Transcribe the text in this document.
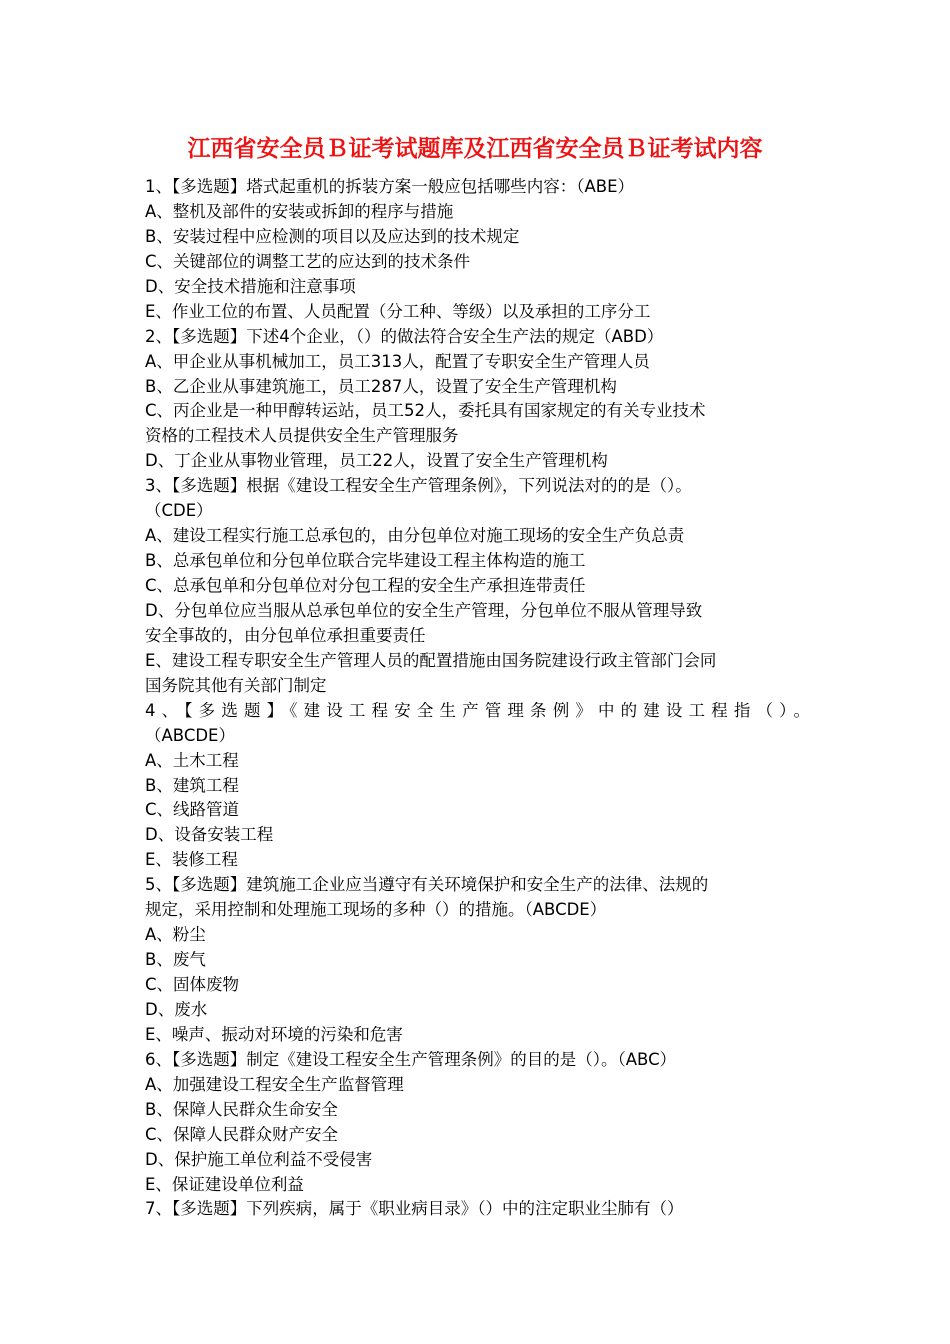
江西省安全员Ｂ证考试题库及江西省安全员Ｂ证考试内容
1、【多选题】塔式起重机的拆装方案一般应包括哪些内容：（ABE）
A、整机及部件的安装或拆卸的程序与措施
B、安装过程中应检测的项目以及应达到的技术规定
C、关键部位的调整工艺的应达到的技术条件
D、安全技术措施和注意事项
E、作业工位的布置、人员配置（分工种、等级）以及承担的工序分工
2、【多选题】下述4个企业，（）的做法符合安全生产法的规定（ABD）
A、甲企业从事机械加工，员工313人，配置了专职安全生产管理人员
B、乙企业从事建筑施工，员工287人，设置了安全生产管理机构
C、丙企业是一种甲醇转运站，员工52人，委托具有国家规定的有关专业技术
资格的工程技术人员提供安全生产管理服务
D、丁企业从事物业管理，员工22人，设置了安全生产管理机构
3、【多选题】根据《建设工程安全生产管理条例》，下列说法对的的是（）。
（CDE）
A、建设工程实行施工总承包的，由分包单位对施工现场的安全生产负总责
B、总承包单位和分包单位联合完毕建设工程主体构造的施工
C、总承包单和分包单位对分包工程的安全生产承担连带责任
D、分包单位应当服从总承包单位的安全生产管理，分包单位不服从管理导致
安全事故的，由分包单位承担重要责任
E、建设工程专职安全生产管理人员的配置措施由国务院建设行政主管部门会同
国务院其他有关部门制定
4、【多选题】《建设工程安全生产管理条例》中的建设工程指（）。
（ABCDE）
A、土木工程
B、建筑工程
C、线路管道
D、设备安装工程
E、装修工程
5、【多选题】建筑施工企业应当遵守有关环境保护和安全生产的法律、法规的
规定，采用控制和处理施工现场的多种（）的措施。（ABCDE）
A、粉尘
B、废气
C、固体废物
D、废水
E、噪声、振动对环境的污染和危害
6、【多选题】制定《建设工程安全生产管理条例》的目的是（）。（ABC）
A、加强建设工程安全生产监督管理
B、保障人民群众生命安全
C、保障人民群众财产安全
D、保护施工单位利益不受侵害
E、保证建设单位利益
7、【多选题】下列疾病，属于《职业病目录》（）中的注定职业尘肺有（）
